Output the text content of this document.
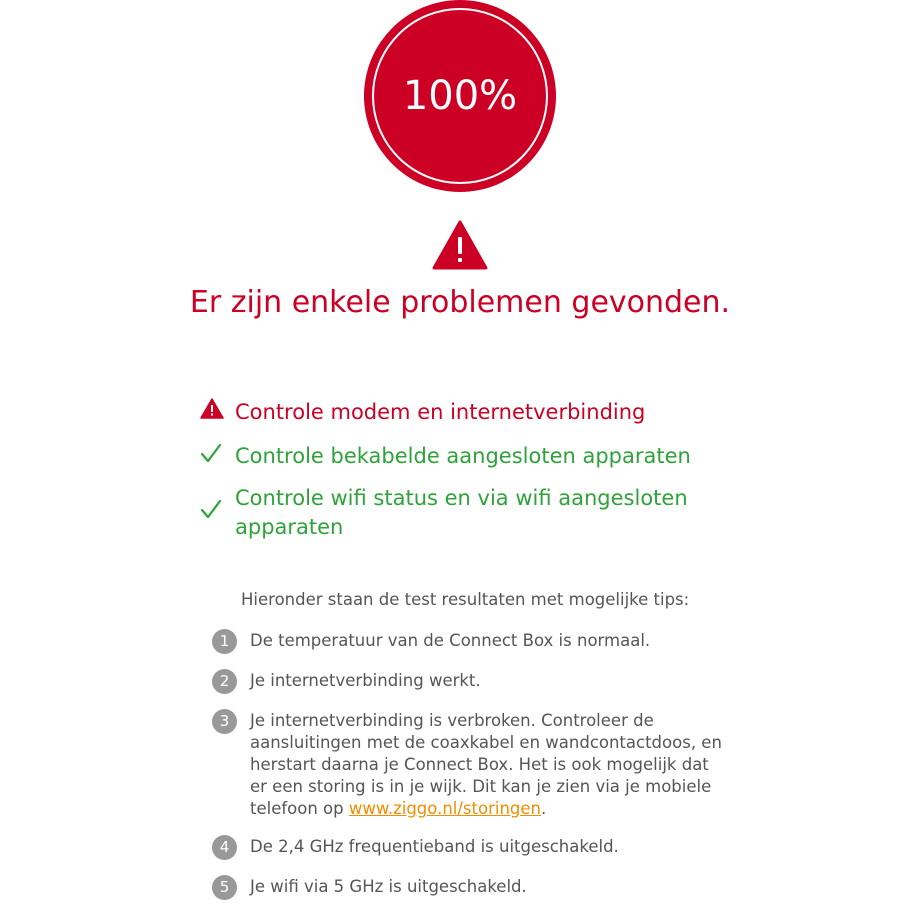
100%
Er zijn enkele problemen gevonden.
Controle modem en internetverbinding
Controle bekabelde aangesloten apparaten
Controle wifi status en via wifi aangesloten apparaten

Hieronder staan de test resultaten met mogelijke tips:

1	De temperatuur van de Connect Box is normaal.
2	Je internetverbinding werkt.
3	Je internetverbinding is verbroken. Controleer de aansluitingen met de coaxkabel en wandcontactdoos, en herstart daarna je Connect Box. Het is ook mogelijk dat er een storing is in je wijk. Dit kan je zien via je mobiele telefoon op www.ziggo.nl/storingen.
4	De 2,4 GHz frequentieband is uitgeschakeld.
5	Je wifi via 5 GHz is uitgeschakeld.
